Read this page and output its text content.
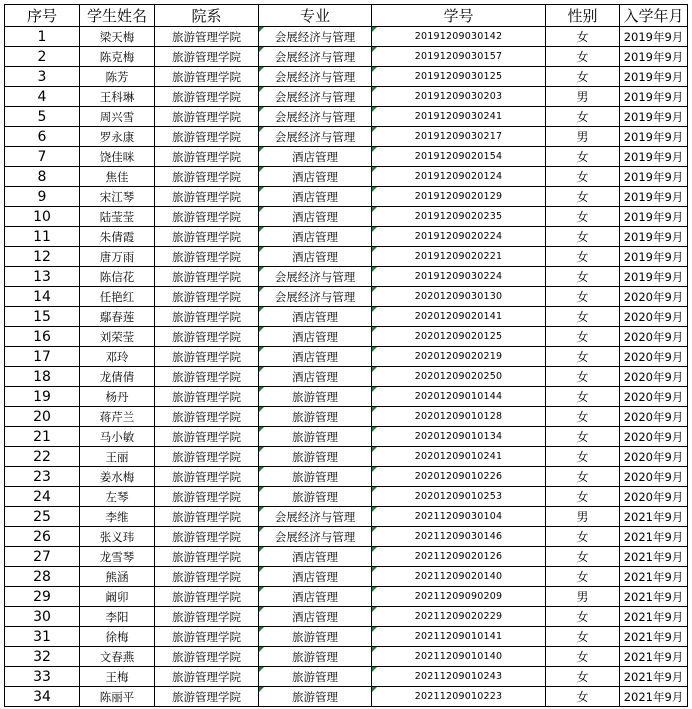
序号	学生姓名	院系	专业	学号	性别	入学年月
1	梁天梅	旅游管理学院	会展经济与管理	20191209030142	女	2019年9月
2	陈克梅	旅游管理学院	会展经济与管理	20191209030157	女	2019年9月
3	陈芳	旅游管理学院	会展经济与管理	20191209030125	女	2019年9月
4	王科琳	旅游管理学院	会展经济与管理	20191209030203	男	2019年9月
5	周兴雪	旅游管理学院	会展经济与管理	20191209030241	女	2019年9月
6	罗永康	旅游管理学院	会展经济与管理	20191209030217	男	2019年9月
7	饶佳咪	旅游管理学院	酒店管理	20191209020154	女	2019年9月
8	焦佳	旅游管理学院	酒店管理	20191209020124	女	2019年9月
9	宋江琴	旅游管理学院	酒店管理	20191209020129	女	2019年9月
10	陆莹莹	旅游管理学院	酒店管理	20191209020235	女	2019年9月
11	朱倩霞	旅游管理学院	酒店管理	20191209020224	女	2019年9月
12	唐万雨	旅游管理学院	酒店管理	20191209020221	女	2019年9月
13	陈信花	旅游管理学院	会展经济与管理	20191209030224	女	2019年9月
14	任艳红	旅游管理学院	会展经济与管理	20201209030130	女	2020年9月
15	鄢春莲	旅游管理学院	酒店管理	20201209020141	女	2020年9月
16	刘荣莹	旅游管理学院	酒店管理	20201209020125	女	2020年9月
17	邓玲	旅游管理学院	酒店管理	20201209020219	女	2020年9月
18	龙倩倩	旅游管理学院	酒店管理	20201209020250	女	2020年9月
19	杨丹	旅游管理学院	旅游管理	20201209010144	女	2020年9月
20	蒋芹兰	旅游管理学院	旅游管理	20201209010128	女	2020年9月
21	马小敏	旅游管理学院	旅游管理	20201209010134	女	2020年9月
22	王丽	旅游管理学院	旅游管理	20201209010241	女	2020年9月
23	姜水梅	旅游管理学院	旅游管理	20201209010226	女	2020年9月
24	左琴	旅游管理学院	旅游管理	20201209010253	女	2020年9月
25	李维	旅游管理学院	会展经济与管理	20211209030104	男	2021年9月
26	张义玮	旅游管理学院	会展经济与管理	20211209030146	女	2021年9月
27	龙雪琴	旅游管理学院	酒店管理	20211209020126	女	2021年9月
28	熊涵	旅游管理学院	酒店管理	20211209020140	女	2021年9月
29	阚卯	旅游管理学院	酒店管理	20211209090209	男	2021年9月
30	李阳	旅游管理学院	酒店管理	20211209020229	女	2021年9月
31	徐梅	旅游管理学院	旅游管理	20211209010141	女	2021年9月
32	文春燕	旅游管理学院	旅游管理	20211209010140	女	2021年9月
33	王梅	旅游管理学院	旅游管理	20211209010243	女	2021年9月
34	陈丽平	旅游管理学院	旅游管理	20211209010223	女	2021年9月
